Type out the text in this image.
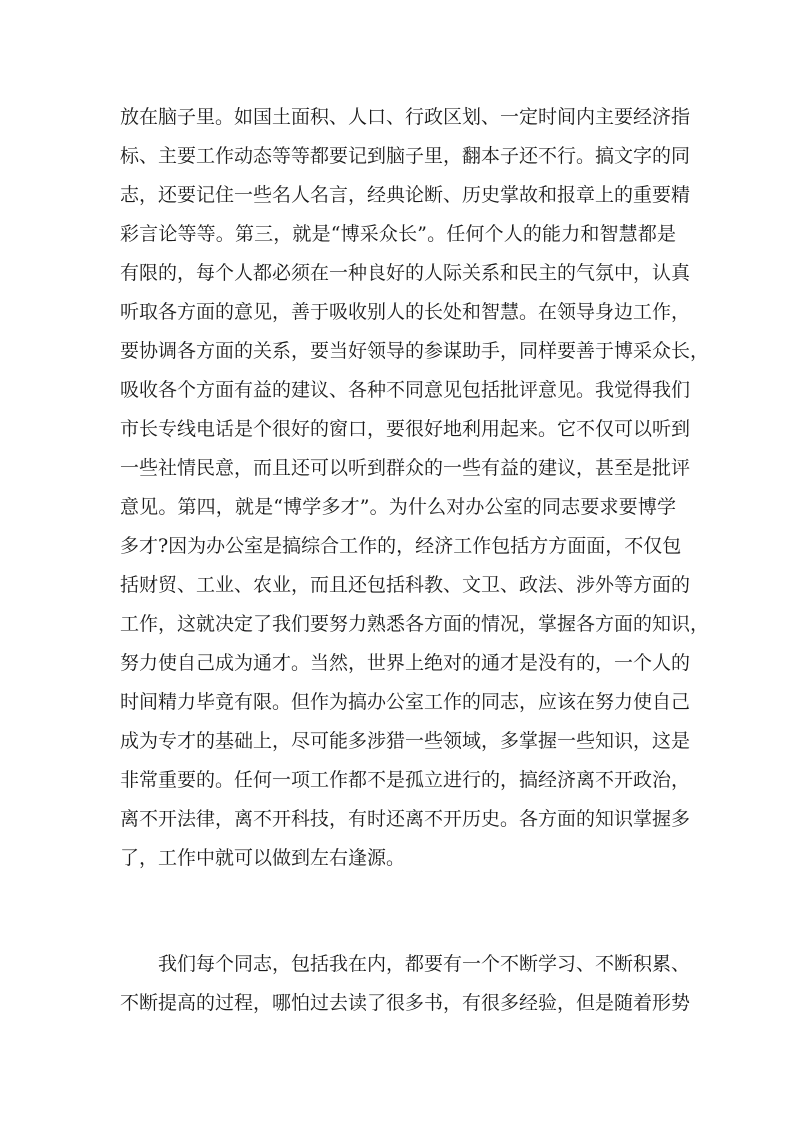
放在脑子里。如国土面积、人口、行政区划、一定时间内主要经济指
标、主要工作动态等等都要记到脑子里，翻本子还不行。搞文字的同
志，还要记住一些名人名言，经典论断、历史掌故和报章上的重要精
彩言论等等。第三，就是“博采众长”。任何个人的能力和智慧都是
有限的，每个人都必须在一种良好的人际关系和民主的气氛中，认真
听取各方面的意见，善于吸收别人的长处和智慧。在领导身边工作，
要协调各方面的关系，要当好领导的参谋助手，同样要善于博采众长，
吸收各个方面有益的建议、各种不同意见包括批评意见。我觉得我们
市长专线电话是个很好的窗口，要很好地利用起来。它不仅可以听到
一些社情民意，而且还可以听到群众的一些有益的建议，甚至是批评
意见。第四，就是“博学多才”。为什么对办公室的同志要求要博学
多才?因为办公室是搞综合工作的，经济工作包括方方面面，不仅包
括财贸、工业、农业，而且还包括科教、文卫、政法、涉外等方面的
工作，这就决定了我们要努力熟悉各方面的情况，掌握各方面的知识，
努力使自己成为通才。当然，世界上绝对的通才是没有的，一个人的
时间精力毕竟有限。但作为搞办公室工作的同志，应该在努力使自己
成为专才的基础上，尽可能多涉猎一些领域，多掌握一些知识，这是
非常重要的。任何一项工作都不是孤立进行的，搞经济离不开政治，
离不开法律，离不开科技，有时还离不开历史。各方面的知识掌握多
了，工作中就可以做到左右逢源。
我们每个同志，包括我在内，都要有一个不断学习、不断积累、
不断提高的过程，哪怕过去读了很多书，有很多经验，但是随着形势
